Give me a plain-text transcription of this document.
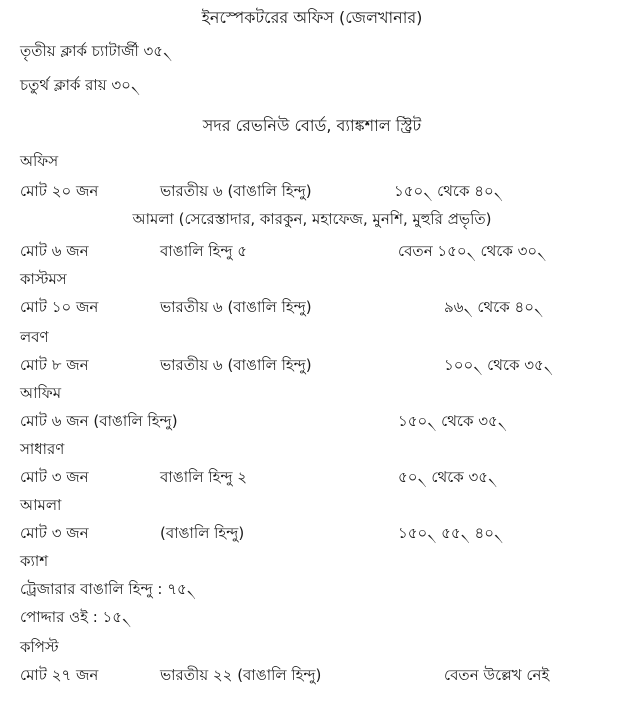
ইনস্পেকটরের অফিস (জেলখানার)
তৃতীয় ক্লার্ক চ্যাটার্জী ৩৫৲
চতুর্থ ক্লার্ক রায় ৩০৲
সদর রেভনিউ বোর্ড, ব্যাঙ্কশাল স্ট্রিট
অফিস
মোট ২০ জন	ভারতীয় ৬ (বাঙালি হিন্দু)	১৫০৲ থেকে ৪০৲
আমলা (সেরেস্তাদার, কারকুন, মহাফেজ, মুনশি, মুহুরি প্রভৃতি)
মোট ৬ জন	বাঙালি হিন্দু ৫	বেতন ১৫০৲ থেকে ৩০৲
কাস্টমস
মোট ১০ জন	ভারতীয় ৬ (বাঙালি হিন্দু)	৯৬৲ থেকে ৪০৲
লবণ
মোট ৮ জন	ভারতীয় ৬ (বাঙালি হিন্দু)	১০০৲ থেকে ৩৫৲
আফিম
মোট ৬ জন (বাঙালি হিন্দু)	১৫০৲ থেকে ৩৫৲
সাধারণ
মোট ৩ জন	বাঙালি হিন্দু ২	৫০৲ থেকে ৩৫৲
আমলা
মোট ৩ জন	(বাঙালি হিন্দু)	১৫০৲ ৫৫৲ ৪০৲
ক্যাশ
ট্রেজারার বাঙালি হিন্দু : ৭৫৲
পোদ্দার ওই : ১৫৲
কপিস্ট
মোট ২৭ জন	ভারতীয় ২২ (বাঙালি হিন্দু)	বেতন উল্লেখ নেই
